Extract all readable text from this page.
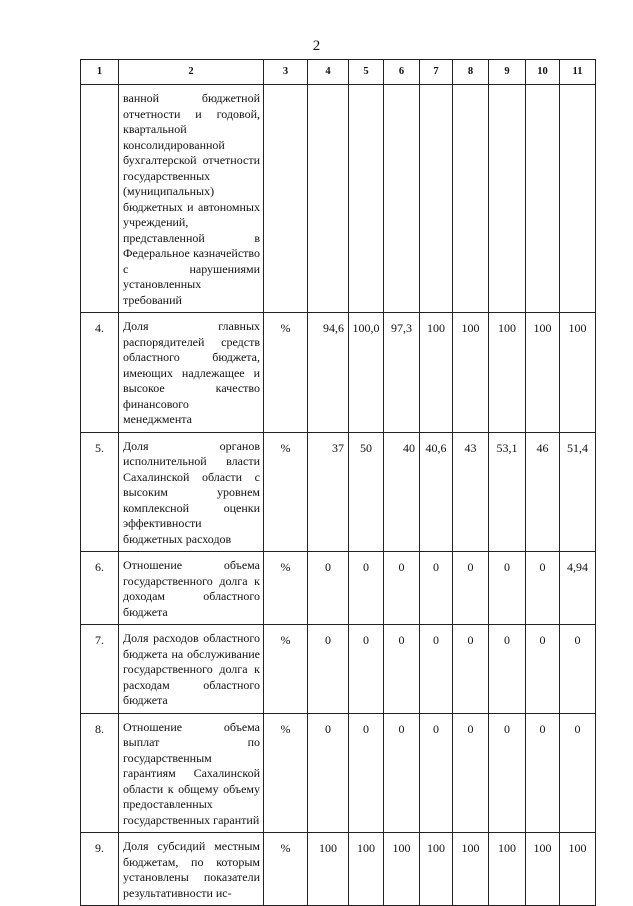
2
1	2	3	4	5	6	7	8	9	10	11
	ванной бюджетной отчетности и годовой, квартальной консолидированной бухгалтерской отчетности государственных (муниципальных) бюджетных и автономных учреждений, представленной в Федеральное казначейство с нарушениями установленных требований									
4.	Доля главных распорядителей средств областного бюджета, имеющих надлежащее и высокое качество финансового менеджмента	%	94,6	100,0	97,3	100	100	100	100	100
5.	Доля органов исполнительной власти Сахалинской области с высоким уровнем комплексной оценки эффективности бюджетных расходов	%	37	50	40	40,6	43	53,1	46	51,4
6.	Отношение объема государственного долга к доходам областного бюджета	%	0	0	0	0	0	0	0	4,94
7.	Доля расходов областного бюджета на обслуживание государственного долга к расходам областного бюджета	%	0	0	0	0	0	0	0	0
8.	Отношение объема выплат по государственным гарантиям Сахалинской области к общему объему предоставленных государственных гарантий	%	0	0	0	0	0	0	0	0
9.	Доля субсидий местным бюджетам, по которым установлены показатели результативности ис-	%	100	100	100	100	100	100	100	100
